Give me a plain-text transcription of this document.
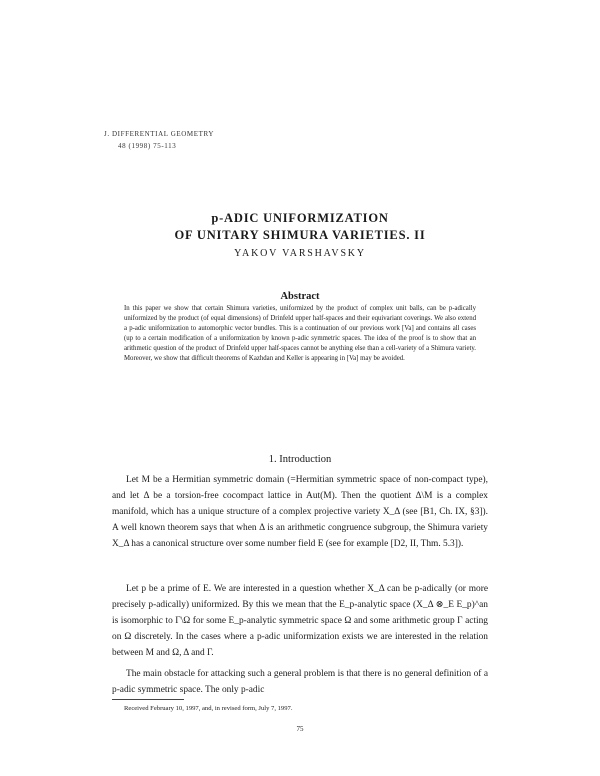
J. DIFFERENTIAL GEOMETRY
48 (1998) 75-113
p-ADIC UNIFORMIZATION
OF UNITARY SHIMURA VARIETIES. II
YAKOV VARSHAVSKY
Abstract
In this paper we show that certain Shimura varieties, uniformized by the product of complex unit balls, can be p-adically uniformized by the product (of equal dimensions) of Drinfeld upper half-spaces and their equivariant coverings. We also extend a p-adic uniformization to automorphic vector bundles. This is a continuation of our previous work [Va] and contains all cases (up to a certain modification of a uniformization by known p-adic symmetric spaces. The idea of the proof is to show that an arithmetic question of the product of Drinfeld upper half-spaces cannot be anything else than a cell-variety of a Shimura variety. Moreover, we show that difficult theorems of Kazhdan and Keller is appearing in [Va] may be avoided.
1. Introduction

Let M be a Hermitian symmetric domain (=Hermitian symmetric space of non-compact type), and let Δ be a torsion-free cocompact lattice in Aut(M). Then the quotient Δ\M is a complex manifold, which has a unique structure of a complex projective variety X_Δ (see [B1, Ch. IX, §3]). A well known theorem says that when Δ is an arithmetic congruence subgroup, the Shimura variety X_Δ has a canonical structure over some number field E (see for example [D2, II, Thm. 5.3]).

Let p be a prime of E. We are interested in a question whether X_Δ can be p-adically (or more precisely p-adically) uniformized. By this we mean that the E_p-analytic space (X_Δ ⊗_E E_p)^an is isomorphic to Γ\Ω for some E_p-analytic symmetric space Ω and some arithmetic group Γ acting on Ω discretely. In the cases where a p-adic uniformization exists we are interested in the relation between M and Ω, Δ and Γ.

The main obstacle for attacking such a general problem is that there is no general definition of a p-adic symmetric space. The only p-adic

Received February 10, 1997, and, in revised form, July 7, 1997.
75
